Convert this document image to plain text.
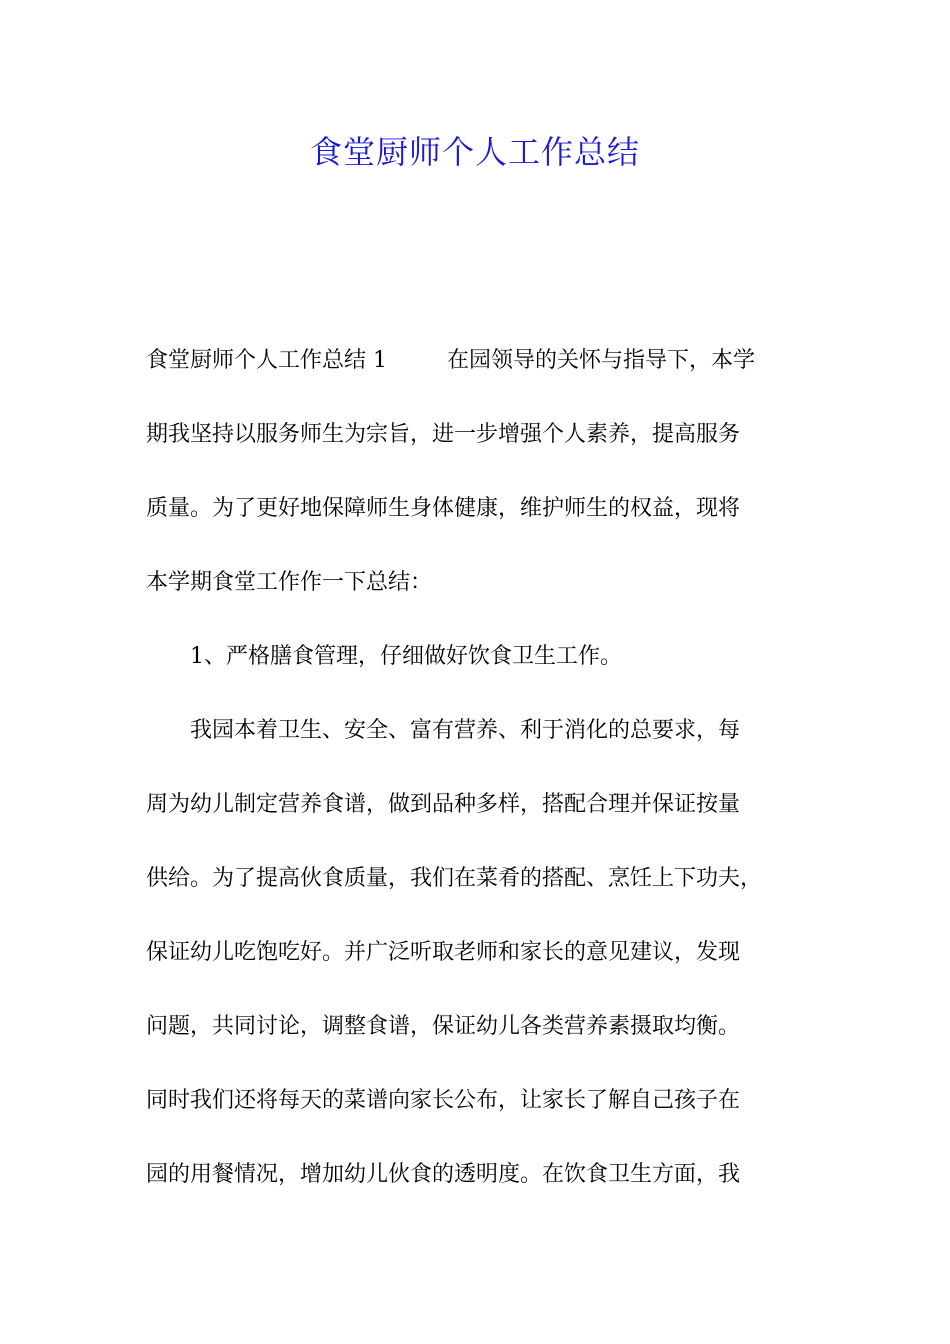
食堂厨师个人工作总结
食堂厨师个人工作总结 1	在园领导的关怀与指导下，本学
期我坚持以服务师生为宗旨，进一步增强个人素养，提高服务
质量。为了更好地保障师生身体健康，维护师生的权益，现将
本学期食堂工作作一下总结：
1、严格膳食管理，仔细做好饮食卫生工作。
我园本着卫生、安全、富有营养、利于消化的总要求，每
周为幼儿制定营养食谱，做到品种多样，搭配合理并保证按量
供给。为了提高伙食质量，我们在菜肴的搭配、烹饪上下功夫，
保证幼儿吃饱吃好。并广泛听取老师和家长的意见建议，发现
问题，共同讨论，调整食谱，保证幼儿各类营养素摄取均衡。
同时我们还将每天的菜谱向家长公布，让家长了解自己孩子在
园的用餐情况，增加幼儿伙食的透明度。在饮食卫生方面，我
